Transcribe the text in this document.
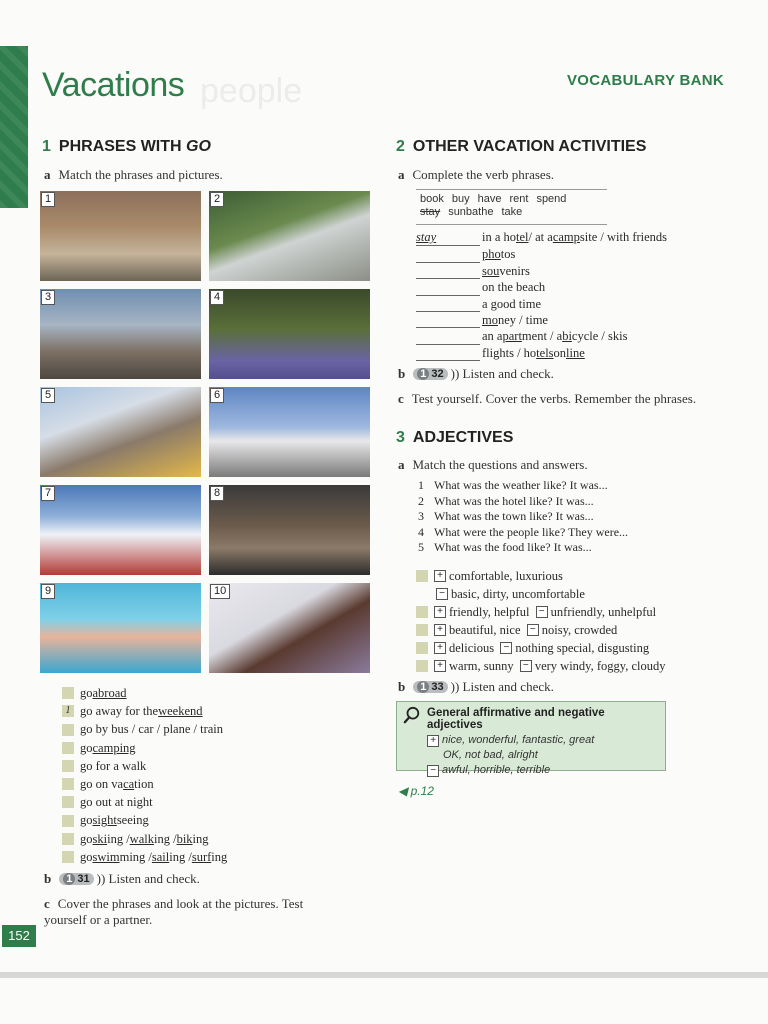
people
Vacations	VOCABULARY BANK
1 PHRASES WITH GO
a Match the phrases and pictures.
1	2
3	4
5	6
7	8
9	10
go abroad
1 go away for the weekend
go by bus / car / plane / train
go camping
go for a walk
go on va ca tion
go out at night
go sight seeing
go ski ing / walk ing / bik ing
go swim ming / sail ing / surf ing
b	1 31 ))
Listen and check.
c Cover the phrases and look at the pictures. Test yourself or a partner.
2 OTHER VACATION ACTIVITIES
a Complete the verb phrases.
book buy have rent spend
stay sunbathe take
stay	in a ho tel / at a camp site / with friends
pho tos
sou venirs
on the beach
a good time
mo ney / time
an a part ment / a bi cycle / skis
flights / ho tels on line
b	1 32 ))
Listen and check.
c Test yourself. Cover the verbs. Remember the phrases.
3 ADJECTIVES
a Match the questions and answers.
1 What was the weather like? It was...
2 What was the hotel like? It was...
3 What was the town like? It was...
4 What were the people like? They were...
5 What was the food like? It was...
+ comfortable, luxurious
− basic, dirty, uncomfortable
+ friendly, helpful
− unfriendly, unhelpful
+ beautiful, nice
− noisy, crowded
+ delicious
− nothing special, disgusting
+ warm, sunny
− very windy, foggy, cloudy
b	1 33 ))
Listen and check.
General affirmative and negative adjectives
+ nice, wonderful, fantastic, great
OK, not bad, alright
− awful, horrible, terrible
◀ p.12
152
